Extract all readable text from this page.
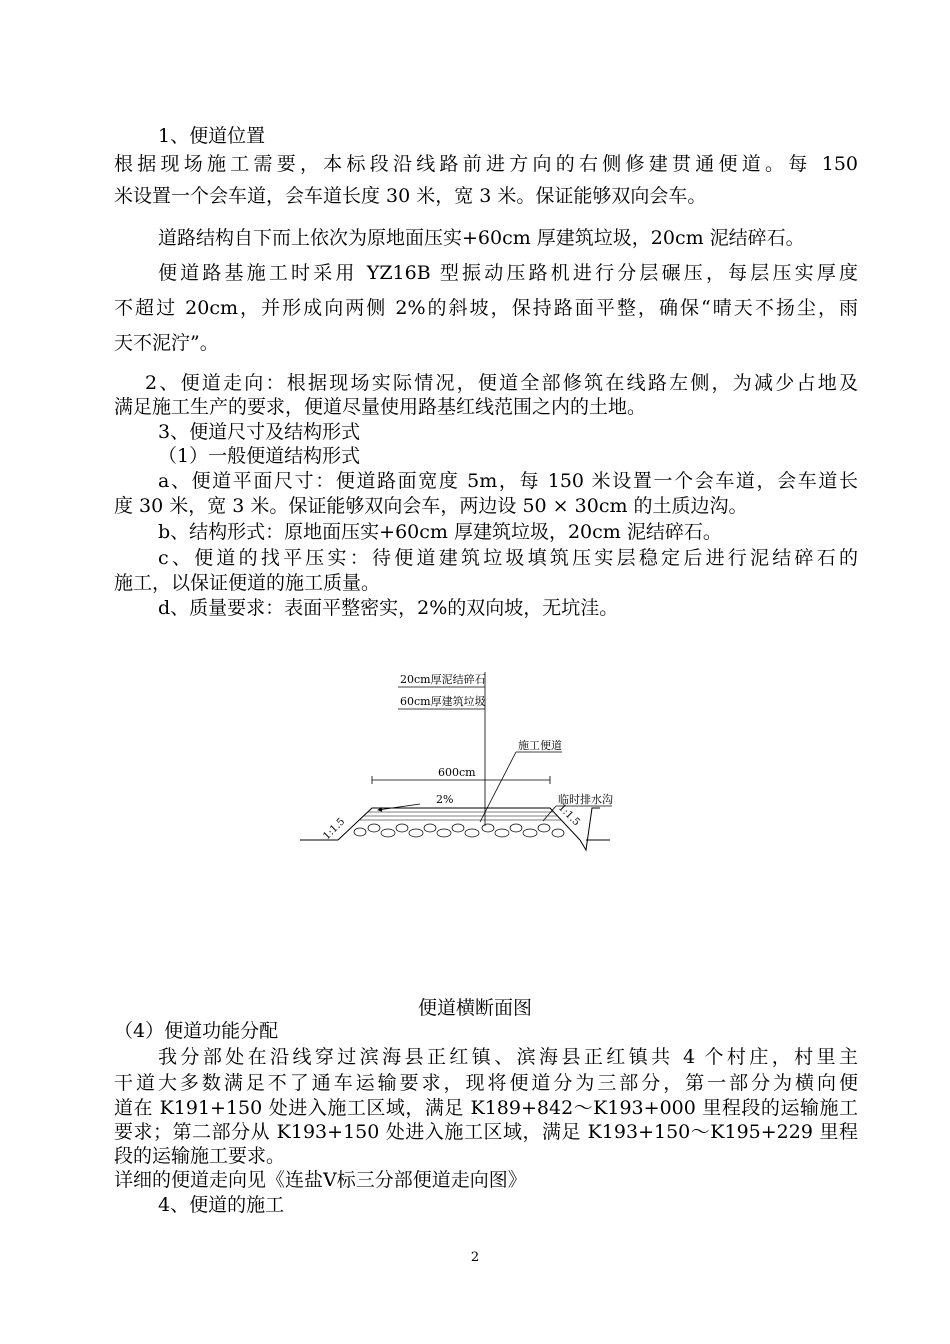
1、便道位置
根据现场施工需要，本标段沿线路前进方向的右侧修建贯通便道。每 150
米设置一个会车道，会车道长度 30 米，宽 3 米。保证能够双向会车。
道路结构自下而上依次为原地面压实+60cm 厚建筑垃圾，20cm 泥结碎石。
便道路基施工时采用 YZ16B 型振动压路机进行分层碾压，每层压实厚度
不超过 20cm，并形成向两侧 2%的斜坡，保持路面平整，确保“晴天不扬尘，雨
天不泥泞”。
2、便道走向：根据现场实际情况，便道全部修筑在线路左侧，为减少占地及
满足施工生产的要求，便道尽量使用路基红线范围之内的土地。
3、便道尺寸及结构形式
（1）一般便道结构形式
a、便道平面尺寸：便道路面宽度 5m，每 150 米设置一个会车道，会车道长
度 30 米，宽 3 米。保证能够双向会车，两边设 50 × 30cm 的土质边沟。
b、结构形式：原地面压实+60cm 厚建筑垃圾，20cm 泥结碎石。
c、便道的找平压实：待便道建筑垃圾填筑压实层稳定后进行泥结碎石的
施工，以保证便道的施工质量。
d、质量要求：表面平整密实，2%的双向坡，无坑洼。
20cm厚泥结碎石
60cm厚建筑垃圾
施工便道
600cm
2%	临时排水沟
1:1.5
1:1.5
便道横断面图
（4）便道功能分配
我分部处在沿线穿过滨海县正红镇、滨海县正红镇共 4 个村庄，村里主
干道大多数满足不了通车运输要求，现将便道分为三部分，第一部分为横向便
道在 K191+150 处进入施工区域，满足 K189+842～K193+000 里程段的运输施工
要求；第二部分从 K193+150 处进入施工区域，满足 K193+150～K195+229 里程
段的运输施工要求。
详细的便道走向见《连盐Ⅴ标三分部便道走向图》
4、便道的施工
2
